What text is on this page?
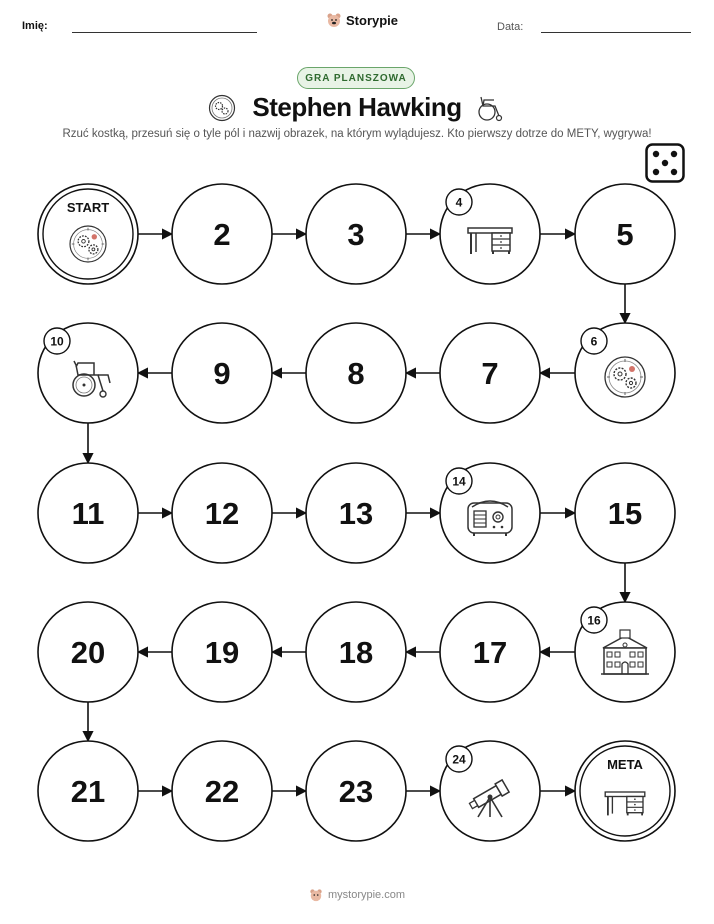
Imię:	Storypie	Data:
GRA PLANSZOWA
Stephen Hawking
Rzuć kostką, przesuń się o tyle pól i nazwij obrazek, na którym wylądujesz. Kto pierwszy dotrze do METY, wygrywa!
START
2	3
4
5
6
7
8
9
10
11	12	13
14
15
16
17
18
19
20
21	22	23
24	META
mystorypie.com
